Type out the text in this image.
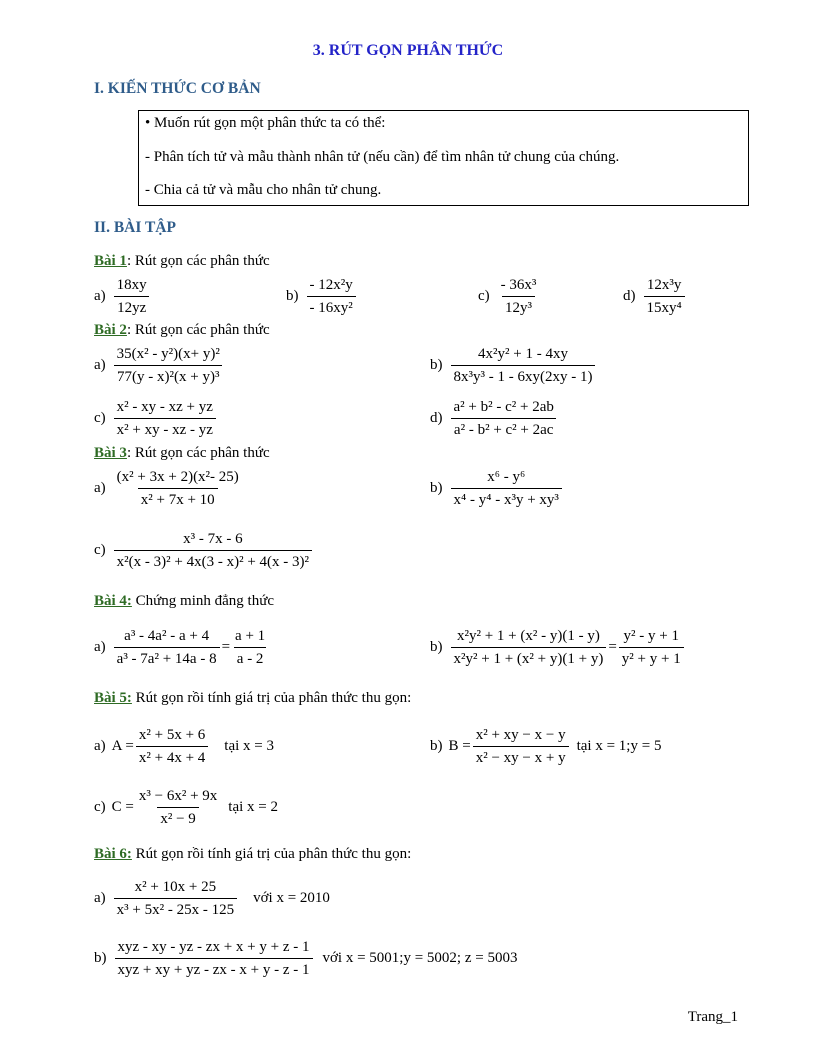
3. RÚT GỌN PHÂN THỨC
I. KIẾN THỨC CƠ BẢN
• Muốn rút gọn một phân thức ta có thể:
- Phân tích tử và mẫu thành nhân tử (nếu cần) để tìm nhân tử chung của chúng.
- Chia cả tử và mẫu cho nhân tử chung.
II. BÀI TẬP
Bài 1: Rút gọn các phân thức
$a) \frac{18xy}{12yz}$	$b) \frac{\text{- 12x²y}}{\text{- 16xy²}}$	$c) \frac{\text{- 36x³}}{\text{12y³}}$	$d) \frac{\text{12x³y}}{\text{15xy⁴}}$
Bài 2: Rút gọn các phân thức
$a) \frac{\text{35(x² - y²)(x+ y)²}}{\text{77(y - x)²(x + y)³}}$	$b) \frac{\text{4x²y² + 1 - 4xy}}{\text{8x³y³ - 1 - 6xy(2xy - 1)}}$
$c) \frac{\text{x² - xy - xz + yz}}{\text{x² + xy - xz - yz}}$	$d) \frac{\text{a² + b² - c² + 2ab}}{\text{a² - b² + c² + 2ac}}$
Bài 3: Rút gọn các phân thức
$a) \frac{\text{(x² + 3x + 2)(x²- 25)}}{\text{x² + 7x + 10}}$	$b) \frac{\text{x⁶ - y⁶}}{\text{x⁴ - y⁴ - x³y + xy³}}$
$c) \frac{\text{x³ - 7x - 6}}{\text{x²(x - 3)² + 4x(3 - x)² + 4(x - 3)²}}$
Bài 4: Chứng minh đẳng thức
$a) \frac{\text{a³ - 4a² - a + 4}}{\text{a³ - 7a² + 14a - 8}} = \frac{a + 1}{a - 2}$	$b) \frac{\text{x²y² + 1 + (x² - y)(1 - y)}}{\text{x²y² + 1 + (x² + y)(1 + y)}} = \frac{\text{y² - y + 1}}{\text{y² + y + 1}}$
Bài 5: Rút gọn rồi tính giá trị của phân thức thu gọn:
a) $A = \frac{\text{x² + 5x + 6}}{\text{x² + 4x + 4}}$ tại x = 3	b) $B = \frac{\text{x² + xy − x − y}}{\text{x² − xy − x + y}}$ tại x = 1;y = 5
c) $C = \frac{\text{x³ − 6x² + 9x}}{\text{x² − 9}}$ tại x = 2
Bài 6: Rút gọn rồi tính giá trị của phân thức thu gọn:
$a) \frac{\text{x² + 10x + 25}}{\text{x³ + 5x² - 25x - 125}}$ với x = 2010
$b) \frac{\text{xyz - xy - yz - zx + x + y + z - 1}}{\text{xyz + xy + yz - zx - x + y - z - 1}}$ với x = 5001;y = 5002; z = 5003
Trang_1
